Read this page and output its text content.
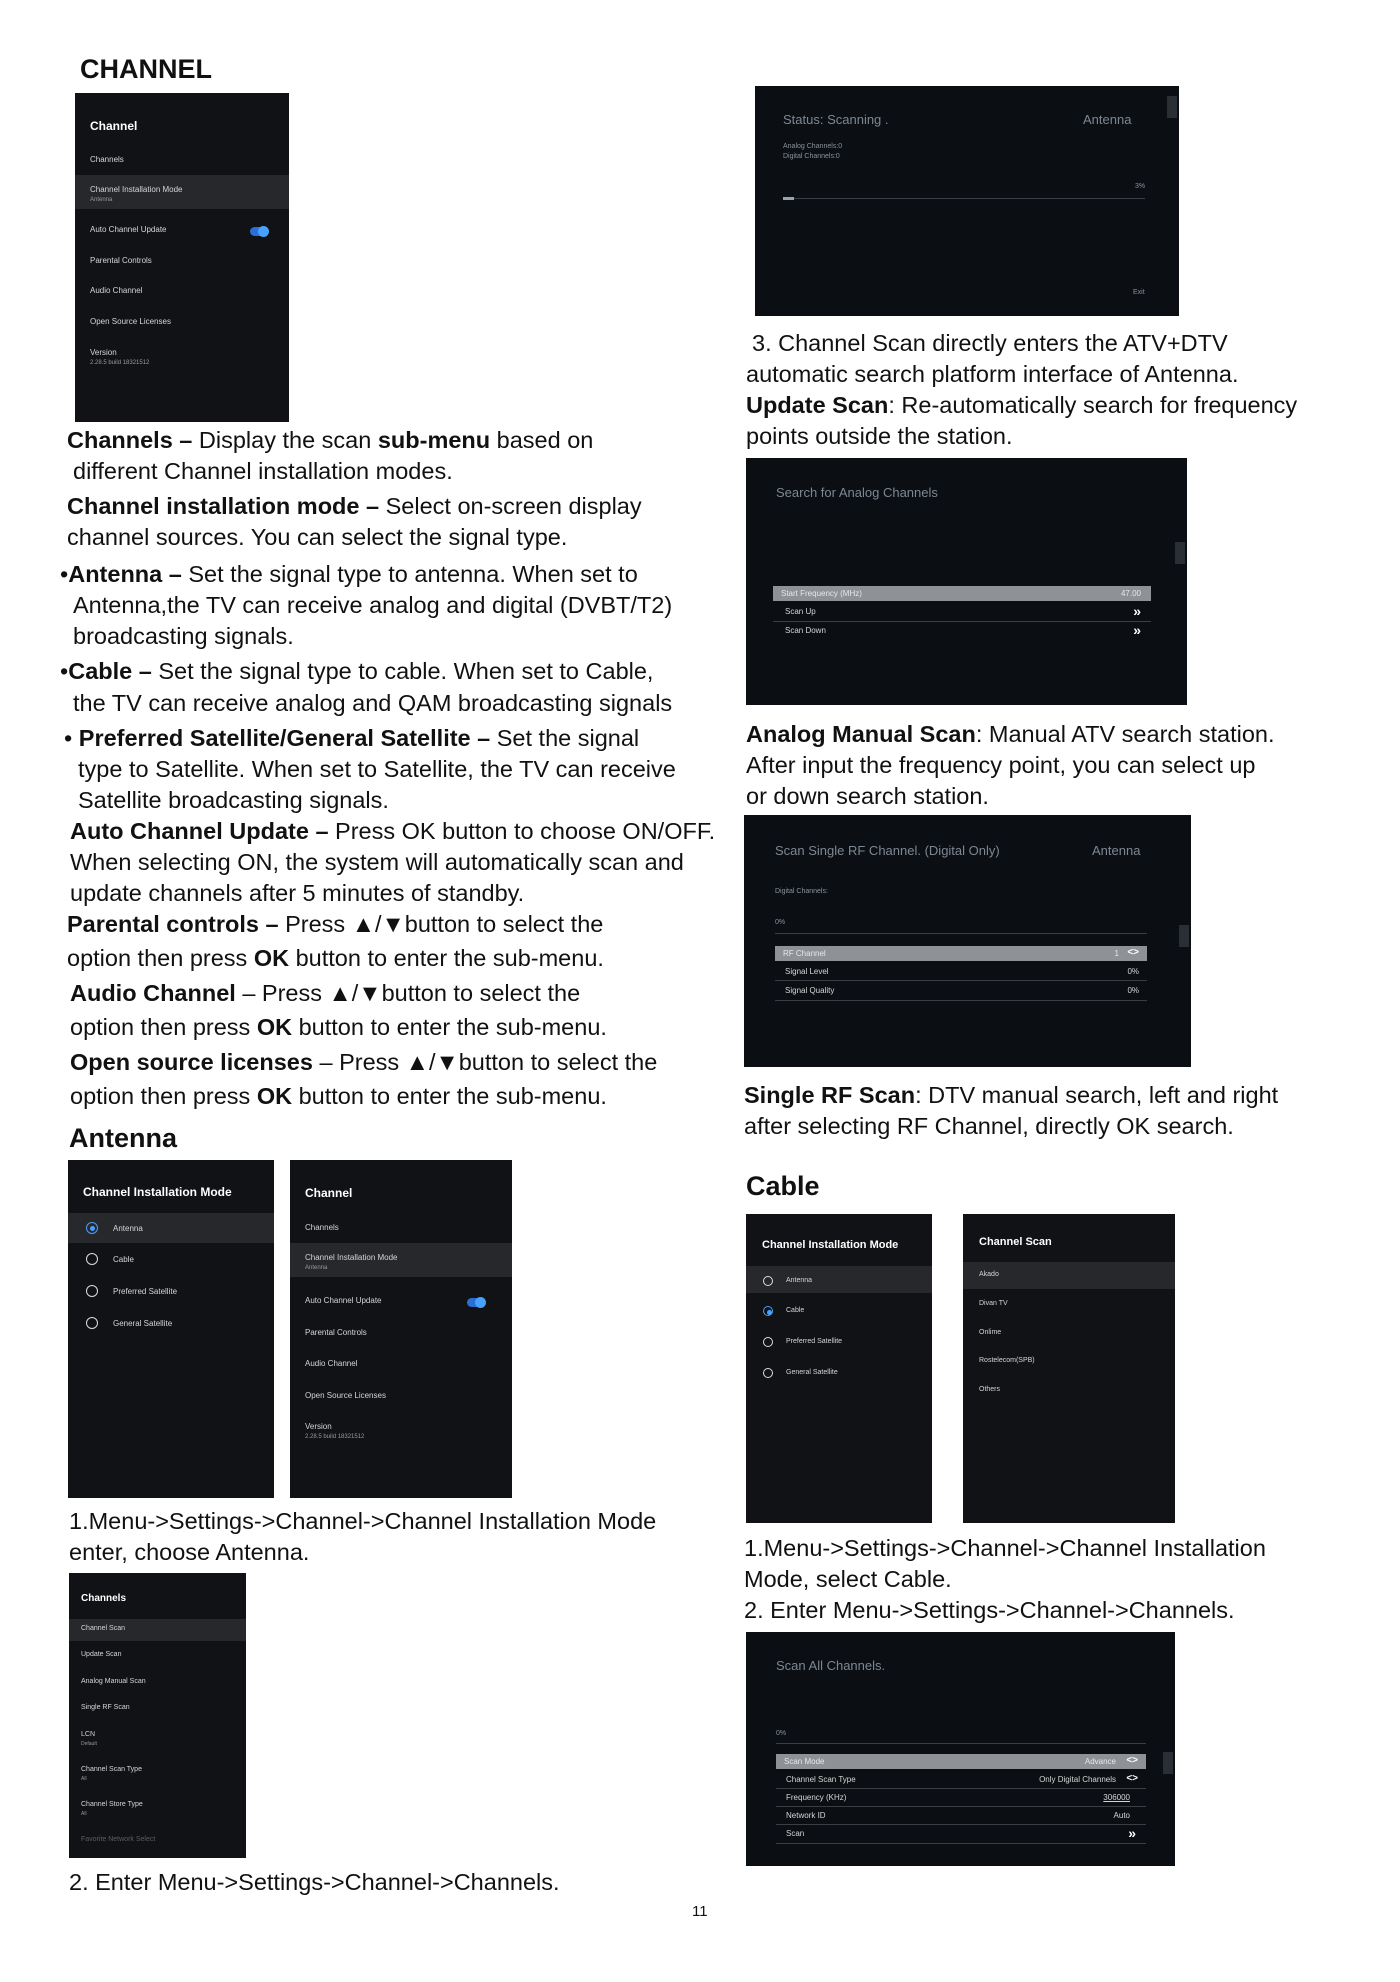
CHANNEL
Channel
Channels
Channel Installation Mode
Antenna
Auto Channel Update
Parental Controls
Audio Channel
Open Source Licenses
Version
2.28.5 build 18321512
Channels – Display the scan sub-menu based on
different Channel installation modes.
Channel installation mode – Select on-screen display
channel sources. You can select the signal type.
•Antenna – Set the signal type to antenna. When set to
Antenna,the TV can receive analog and digital (DVBT/T2)
broadcasting signals.
•Cable – Set the signal type to cable. When set to Cable,
the TV can receive analog and QAM broadcasting signals
• Preferred Satellite/General Satellite – Set the signal
type to Satellite. When set to Satellite, the TV can receive
Satellite broadcasting signals.
Auto Channel Update – Press OK button to choose ON/OFF.
When selecting ON, the system will automatically scan and
update channels after 5 minutes of standby.
Parental controls – Press ▲/▼button to select the
option then press OK button to enter the sub-menu.
Audio Channel – Press ▲/▼button to select the
option then press OK button to enter the sub-menu.
Open source licenses – Press ▲/▼button to select the
option then press OK button to enter the sub-menu.
Antenna
Channel Installation Mode
Antenna
Cable
Preferred Satellite
General Satellite
Channel
Channels
Channel Installation Mode
Antenna
Auto Channel Update
Parental Controls
Audio Channel
Open Source Licenses
Version
2.28.5 build 18321512
1.Menu->Settings->Channel->Channel Installation Mode
enter, choose Antenna.
Channels
Channel Scan
Update Scan
Analog Manual Scan
Single RF Scan
LCN
Default
Channel Scan Type
All
Channel Store Type
All
Favorite Network Select
2. Enter Menu->Settings->Channel->Channels.
Status: Scanning .	Antenna
Analog Channels:0
Digital Channels:0
3%
Exit
3. Channel Scan directly enters the ATV+DTV
automatic search platform interface of Antenna.
Update Scan: Re-automatically search for frequency
points outside the station.
Search for Analog Channels
Start Frequency (MHz)	47.00
Scan Up	»
Scan Down	»
Analog Manual Scan: Manual ATV search station.
After input the frequency point, you can select up
or down search station.
Scan Single RF Channel. (Digital Only)	Antenna
Digital Channels:
0%
RF Channel	1 <>
Signal Level	0%
Signal Quality	0%
Single RF Scan: DTV manual search, left and right
after selecting RF Channel, directly OK search.
Cable
Channel Installation Mode
Antenna
Cable
Preferred Satellite
General Satellite
Channel Scan
Akado
Divan TV
Onlime
Rostelecom(SPB)
Others
1.Menu->Settings->Channel->Channel Installation
Mode, select Cable.
2. Enter Menu->Settings->Channel->Channels.
Scan All Channels.
0%
Scan Mode	Advance <>
Channel Scan Type	Only Digital Channels <>
Frequency (KHz)	306000
Network ID	Auto
Scan	»
11
